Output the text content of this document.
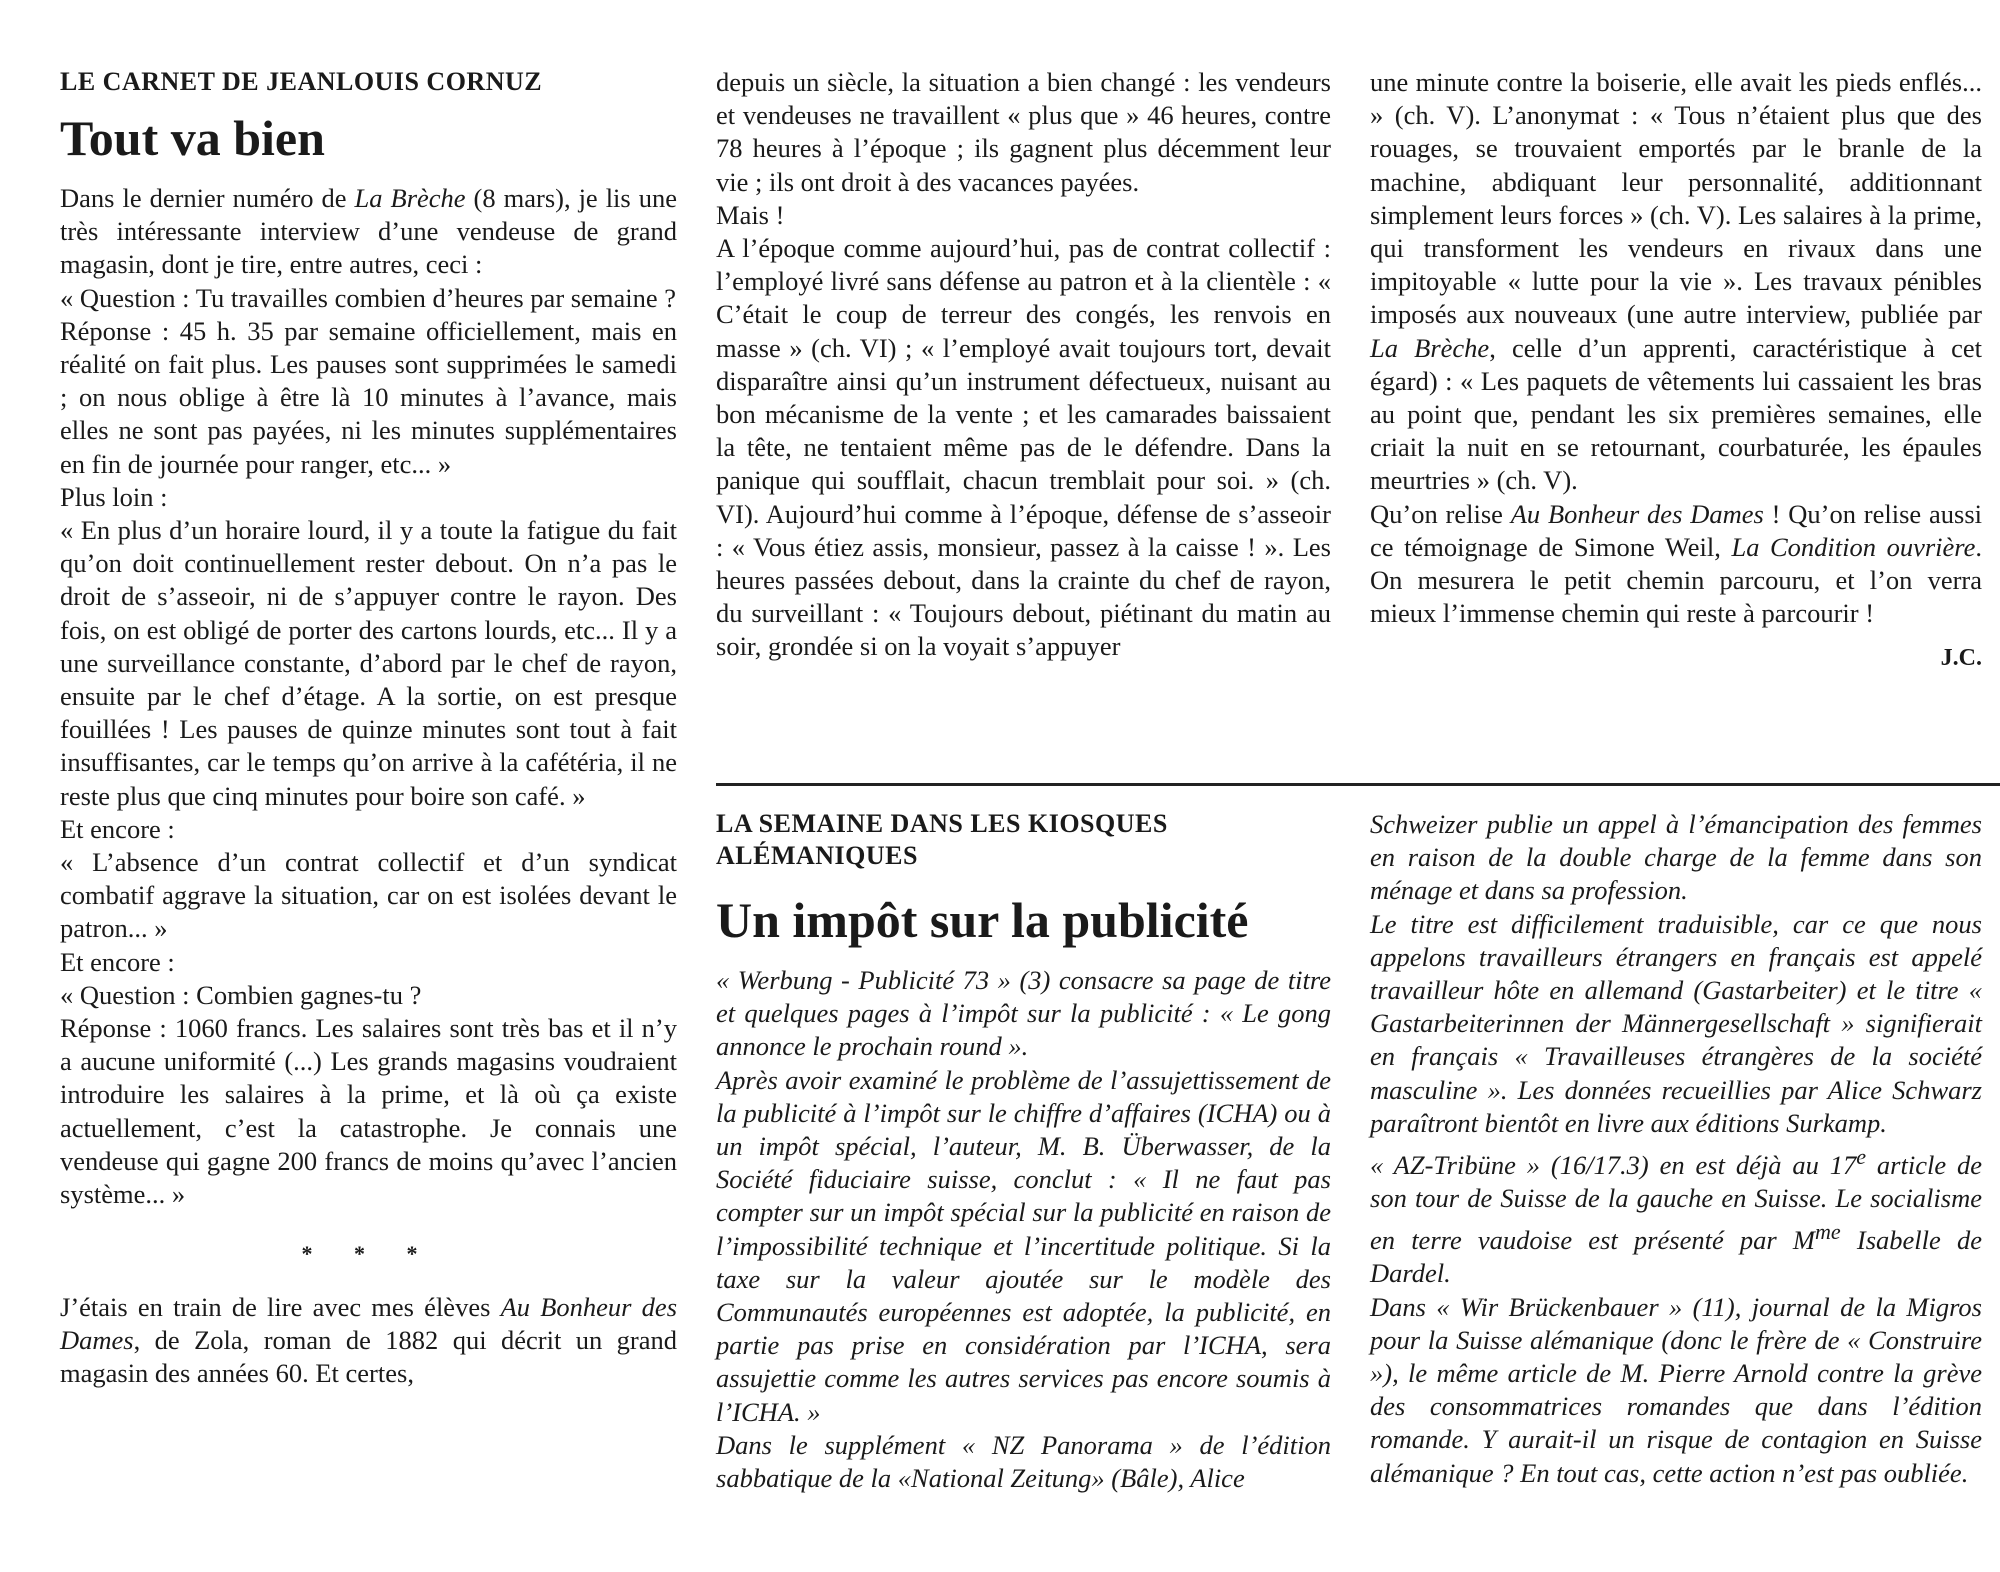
LE CARNET DE JEANLOUIS CORNUZ
Tout va bien

Dans le dernier numéro de La Brèche (8 mars), je lis une très intéressante interview d’une vendeuse de grand magasin, dont je tire, entre autres, ceci :

« Question : Tu travailles combien d’heures par semaine ?

Réponse : 45 h. 35 par semaine officiellement, mais en réalité on fait plus. Les pauses sont supprimées le samedi ; on nous oblige à être là 10 minutes à l’avance, mais elles ne sont pas payées, ni les minutes supplémentaires en fin de journée pour ranger, etc... »

Plus loin :

« En plus d’un horaire lourd, il y a toute la fatigue du fait qu’on doit continuellement rester debout. On n’a pas le droit de s’asseoir, ni de s’appuyer contre le rayon. Des fois, on est obligé de porter des cartons lourds, etc... Il y a une surveillance constante, d’abord par le chef de rayon, ensuite par le chef d’étage. A la sortie, on est presque fouillées ! Les pauses de quinze minutes sont tout à fait insuffisantes, car le temps qu’on arrive à la cafétéria, il ne reste plus que cinq minutes pour boire son café. »

Et encore :

« L’absence d’un contrat collectif et d’un syndicat combatif aggrave la situation, car on est isolées devant le patron... »

Et encore :

« Question : Combien gagnes-tu ?

Réponse : 1060 francs. Les salaires sont très bas et il n’y a aucune uniformité (...) Les grands magasins voudraient introduire les salaires à la prime, et là où ça existe actuellement, c’est la catastrophe. Je connais une vendeuse qui gagne 200 francs de moins qu’avec l’ancien système... »

* * *

J’étais en train de lire avec mes élèves Au Bonheur des Dames, de Zola, roman de 1882 qui décrit un grand magasin des années 60. Et certes,

depuis un siècle, la situation a bien changé : les vendeurs et vendeuses ne travaillent « plus que » 46 heures, contre 78 heures à l’époque ; ils gagnent plus décemment leur vie ; ils ont droit à des vacances payées.

Mais !

A l’époque comme aujourd’hui, pas de contrat collectif : l’employé livré sans défense au patron et à la clientèle : « C’était le coup de terreur des congés, les renvois en masse » (ch. VI) ; « l’employé avait toujours tort, devait disparaître ainsi qu’un instrument défectueux, nuisant au bon mécanisme de la vente ; et les camarades baissaient la tête, ne tentaient même pas de le défendre. Dans la panique qui soufflait, chacun tremblait pour soi. » (ch. VI). Aujourd’hui comme à l’époque, défense de s’asseoir : « Vous étiez assis, monsieur, passez à la caisse ! ». Les heures passées debout, dans la crainte du chef de rayon, du surveillant : « Toujours debout, piétinant du matin au soir, grondée si on la voyait s’appuyer

une minute contre la boiserie, elle avait les pieds enflés... » (ch. V). L’anonymat : « Tous n’étaient plus que des rouages, se trouvaient emportés par le branle de la machine, abdiquant leur personnalité, additionnant simplement leurs forces » (ch. V). Les salaires à la prime, qui transforment les vendeurs en rivaux dans une impitoyable « lutte pour la vie ». Les travaux pénibles imposés aux nouveaux (une autre interview, publiée par La Brèche, celle d’un apprenti, caractéristique à cet égard) : « Les paquets de vêtements lui cassaient les bras au point que, pendant les six premières semaines, elle criait la nuit en se retournant, courbaturée, les épaules meurtries » (ch. V).

Qu’on relise Au Bonheur des Dames ! Qu’on relise aussi ce témoignage de Simone Weil, La Condition ouvrière. On mesurera le petit chemin parcouru, et l’on verra mieux l’immense chemin qui reste à parcourir !

J.C.
LA SEMAINE DANS LES KIOSQUES
ALÉMANIQUES
Un impôt sur la publicité

« Werbung - Publicité 73 » (3) consacre sa page de titre et quelques pages à l’impôt sur la publicité : « Le gong annonce le prochain round ».

Après avoir examiné le problème de l’assujettissement de la publicité à l’impôt sur le chiffre d’affaires (ICHA) ou à un impôt spécial, l’auteur, M. B. Überwasser, de la Société fiduciaire suisse, conclut : « Il ne faut pas compter sur un impôt spécial sur la publicité en raison de l’impossibilité technique et l’incertitude politique. Si la taxe sur la valeur ajoutée sur le modèle des Communautés européennes est adoptée, la publicité, en partie pas prise en considération par l’ICHA, sera assujettie comme les autres services pas encore soumis à l’ICHA. »

Dans le supplément « NZ Panorama » de l’édition sabbatique de la «National Zeitung» (Bâle), Alice

Schweizer publie un appel à l’émancipation des femmes en raison de la double charge de la femme dans son ménage et dans sa profession.

Le titre est difficilement traduisible, car ce que nous appelons travailleurs étrangers en français est appelé travailleur hôte en allemand (Gastarbeiter) et le titre « Gastarbeiterinnen der Männergesellschaft » signifierait en français « Travailleuses étrangères de la société masculine ». Les données recueillies par Alice Schwarz paraîtront bientôt en livre aux éditions Surkamp.

« AZ-Tribüne » (16/17.3) en est déjà au 17e article de son tour de Suisse de la gauche en Suisse. Le socialisme en terre vaudoise est présenté par $M^{me}$ Isabelle de Dardel.

Dans « Wir Brückenbauer » (11), journal de la Migros pour la Suisse alémanique (donc le frère de « Construire »), le même article de M. Pierre Arnold contre la grève des consommatrices romandes que dans l’édition romande. Y aurait-il un risque de contagion en Suisse alémanique ? En tout cas, cette action n’est pas oubliée.
